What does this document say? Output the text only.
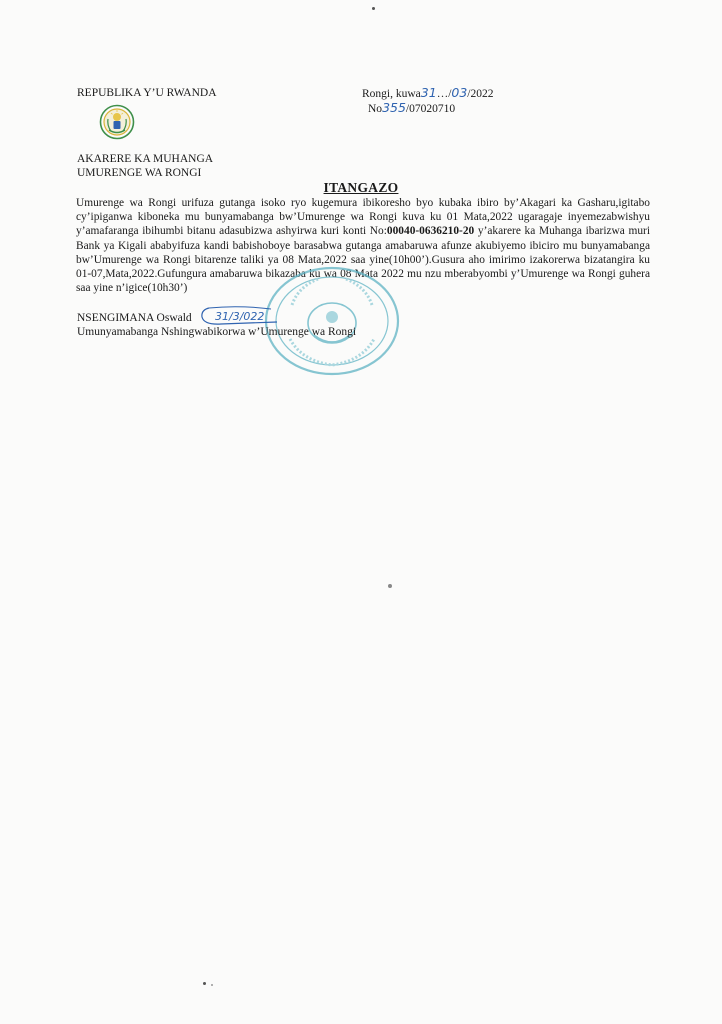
REPUBLIKA Y’U RWANDA	Rongi, kuwa31…/03/2022
No355/07020710
AKARERE KA MUHANGA
UMURENGE WA RONGI
ITANGAZO
Umurenge wa Rongi urifuza gutanga isoko ryo kugemura ibikoresho byo kubaka ibiro by’Akagari ka Gasharu,igitabo cy’ipiganwa kiboneka mu bunyamabanga bw’Umurenge wa Rongi kuva ku 01 Mata,2022 ugaragaje inyemezabwishyu y’amafaranga ibihumbi bitanu adasubizwa ashyirwa kuri konti No:00040-0636210-20 y’akarere ka Muhanga ibarizwa muri Bank ya Kigali ababyifuza kandi babishoboye barasabwa gutanga amabaruwa afunze akubiyemo ibiciro mu bunyamabanga bw’Umurenge wa Rongi bitarenze taliki ya 08 Mata,2022 saa yine(10h00’).Gusura aho imirimo izakorerwa bizatangira ku 01-07,Mata,2022.Gufungura amabaruwa bikazaba ku wa 08 Mata 2022 mu nzu mberabyombi y’Umurenge wa Rongi guhera saa yine n’igice(10h30’)
NSENGIMANA Oswald
Umunyamabanga Nshingwabikorwa w’Umurenge wa Rongi
31/3/022
